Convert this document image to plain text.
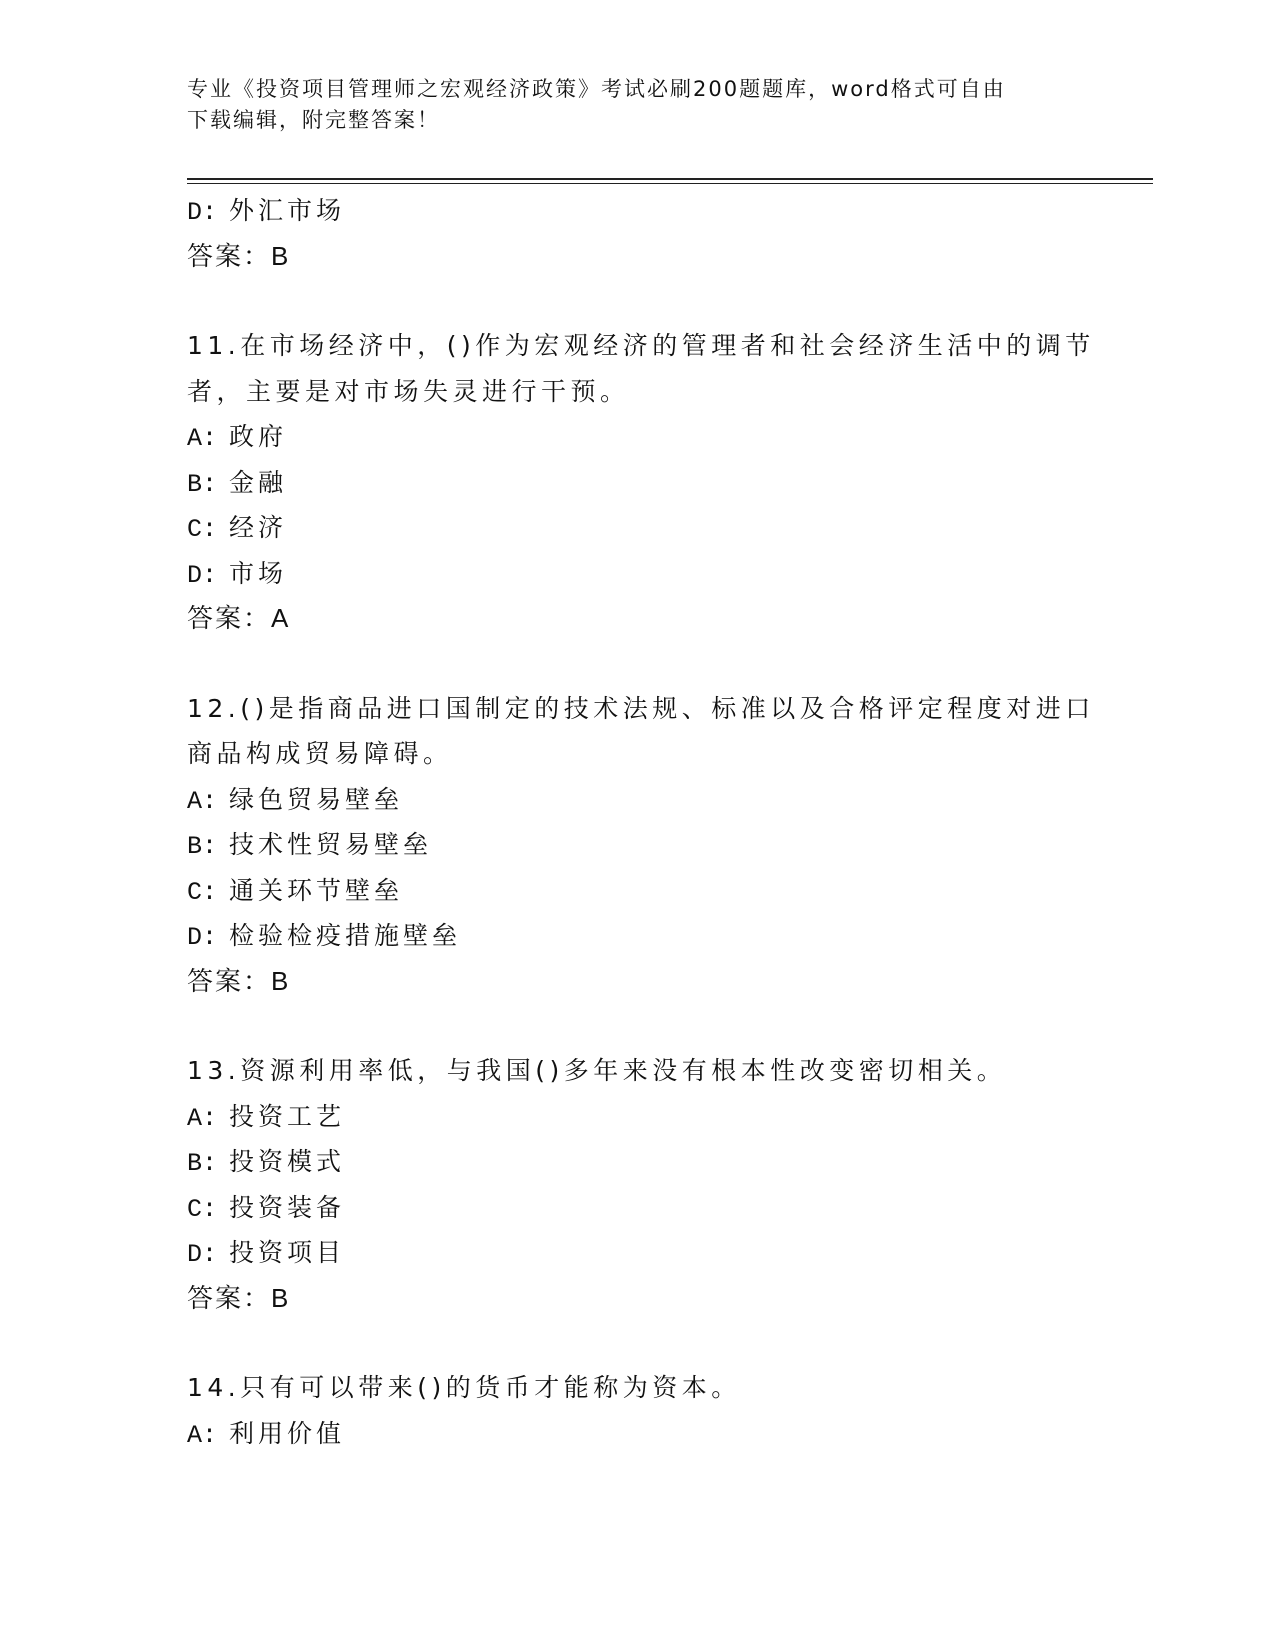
专业《投资项目管理师之宏观经济政策》考试必刷200题题库，word格式可自由
下载编辑，附完整答案！
D: 外汇市场
答案：B
11.在市场经济中，()作为宏观经济的管理者和社会经济生活中的调节
者，主要是对市场失灵进行干预。
A: 政府
B: 金融
C: 经济
D: 市场
答案：A
12.()是指商品进口国制定的技术法规、标准以及合格评定程度对进口
商品构成贸易障碍。
A: 绿色贸易壁垒
B: 技术性贸易壁垒
C: 通关环节壁垒
D: 检验检疫措施壁垒
答案：B
13.资源利用率低，与我国()多年来没有根本性改变密切相关。
A: 投资工艺
B: 投资模式
C: 投资装备
D: 投资项目
答案：B
14.只有可以带来()的货币才能称为资本。
A: 利用价值
